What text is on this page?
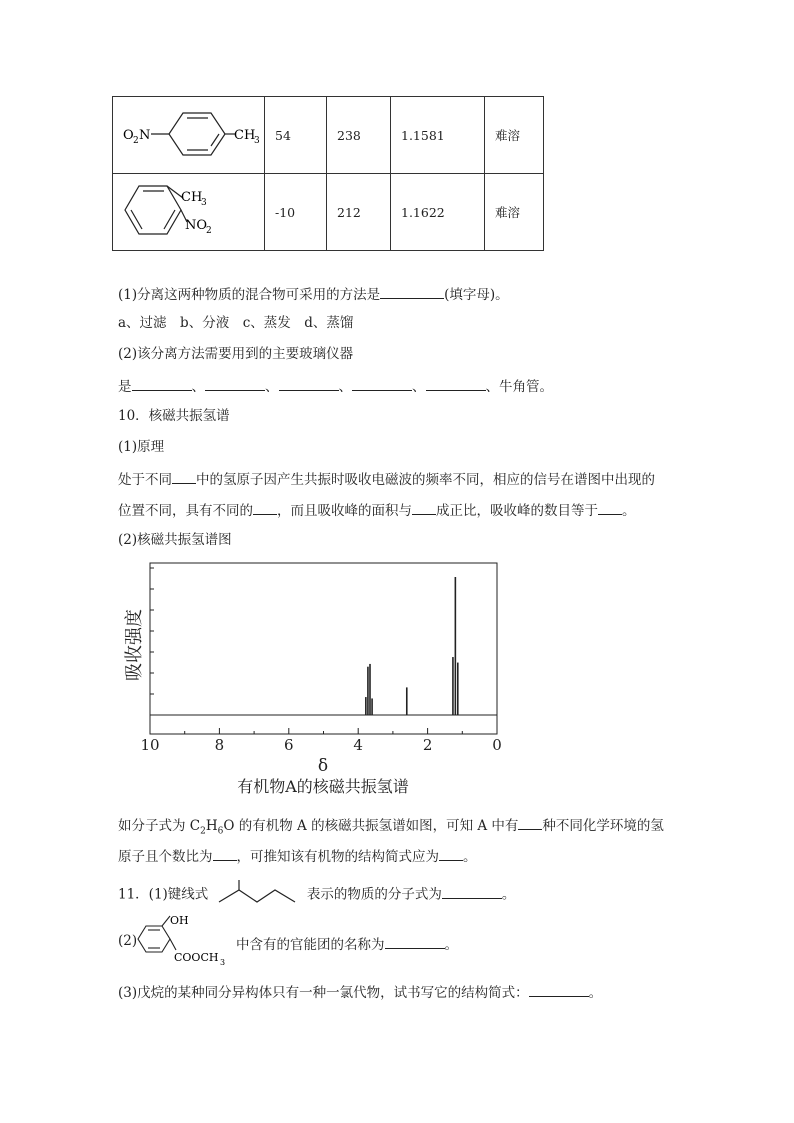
O 2 N CH
3	54	238	1.1581	难溶

CH
3
NO
2	-10	212	1.1622	难溶
(1)分离这两种物质的混合物可采用的方法是	(填字母)。
a、过滤　b、分液　c、蒸发　d、蒸馏
(2)该分离方法需要用到的主要玻璃仪器
是	、	、	、	、	、牛角管。
10．核磁共振氢谱
(1)原理
处于不同 中的氢原子因产生共振时吸收电磁波的频率不同，相应的信号在谱图中出现的
位置不同，具有不同的 ，而且吸收峰的面积与 成正比，吸收峰的数目等于 。
(2)核磁共振氢谱图
10	8	6	4	2	0
吸收强度
δ
有机物A的核磁共振氢谱
如分子式为 $C_2H_6O$ 的有机物 A 的核磁共振氢谱如图，可知 A 中有 种不同化学环境的氢
原子且个数比为 ，可推知该有机物的结构简式应为 。
11．(1)键线式	表示的物质的分子式为	。
(2)
OH
COOCH 3
中含有的官能团的名称为	。
(3)戊烷的某种同分异构体只有一种一氯代物，试书写它的结构简式：	。
